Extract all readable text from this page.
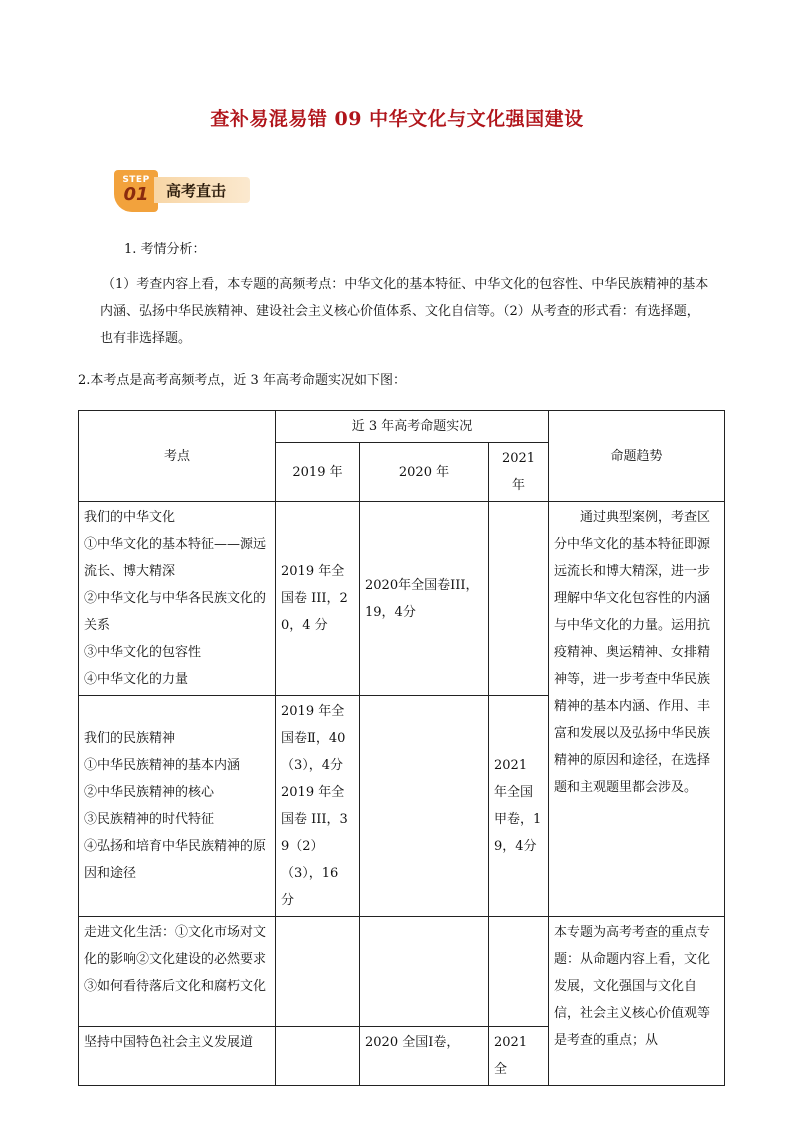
查补易混易错 09 中华文化与文化强国建设
STEP
01	高考直击
1. 考情分析：
（1）考查内容上看，本专题的高频考点：中华文化的基本特征、中华文化的包容性、中华民族精神的基本内涵、弘扬中华民族精神、建设社会主义核心价值体系、文化自信等。（2）从考查的形式看：有选择题，也有非选择题。
2.本考点是高考高频考点，近 3 年高考命题实况如下图：
考点	近 3 年高考命题实况			命题趋势
	2019 年	2020 年	2021 年	

我们的中华文化
①中华文化的基本特征——源远流长、博大精深
②中华文化与中华各民族文化的关系
③中华文化的包容性
④中华文化的力量	2019 年全国卷 III，20，4 分	2020年全国卷III，19，4分		通过典型案例，考查区分中华文化的基本特征即源远流长和博大精深，进一步理解中华文化包容性的内涵与中华文化的力量。运用抗疫精神、奥运精神、女排精神等，进一步考查中华民族精神的基本内涵、作用、丰富和发展以及弘扬中华民族精神的原因和途径，在选择题和主观题里都会涉及。

我们的民族精神
①中华民族精神的基本内涵
②中华民族精神的核心
③民族精神的时代特征
④弘扬和培育中华民族精神的原因和途径	2019 年全国卷Ⅱ，40（3），4分 2019 年全国卷 III，39（2）（3），16 分		2021 年全国甲卷，19，4分	
走进文化生活：①文化市场对文化的影响②文化建设的必然要求③如何看待落后文化和腐朽文化				本专题为高考考查的重点专题：从命题内容上看，文化发展，文化强国与文化自信，社会主义核心价值观等是考查的重点；从
坚持中国特色社会主义发展道		2020 全国Ⅰ卷，	2021 全	
